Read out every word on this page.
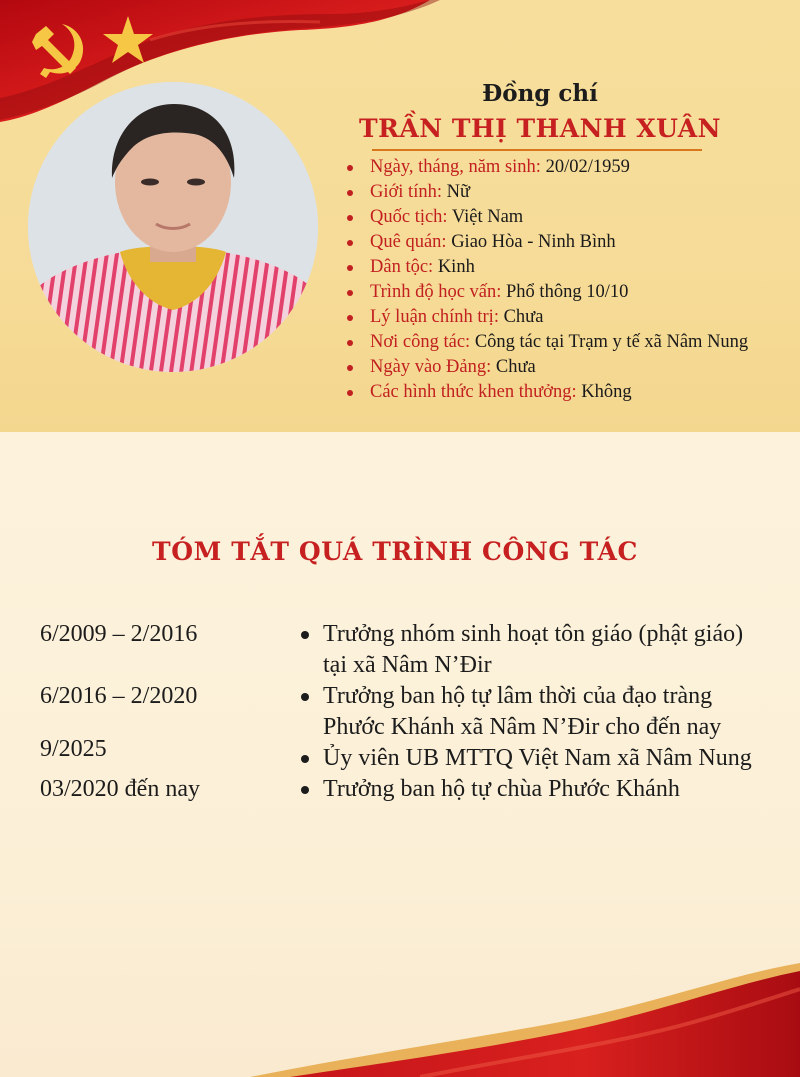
Đồng chí
TRẦN THỊ THANH XUÂN
Ngày, tháng, năm sinh: 20/02/1959
Giới tính: Nữ
Quốc tịch: Việt Nam
Quê quán: Giao Hòa - Ninh Bình
Dân tộc: Kinh
Trình độ học vấn: Phổ thông 10/10
Lý luận chính trị: Chưa
Nơi công tác: Công tác tại Trạm y tế xã Nâm Nung
Ngày vào Đảng: Chưa
Các hình thức khen thưởng: Không
TÓM TẮT QUÁ TRÌNH CÔNG TÁC
6/2009 – 2/2016	Trưởng nhóm sinh hoạt tôn giáo (phật giáo) tại xã Nâm N’Đir
6/2016 – 2/2020	Trưởng ban hộ tự lâm thời của đạo tràng Phước Khánh xã Nâm N’Đir cho đến nay
9/2025	Ủy viên UB MTTQ Việt Nam xã Nâm Nung
03/2020 đến nay	Trưởng ban hộ tự chùa Phước Khánh
